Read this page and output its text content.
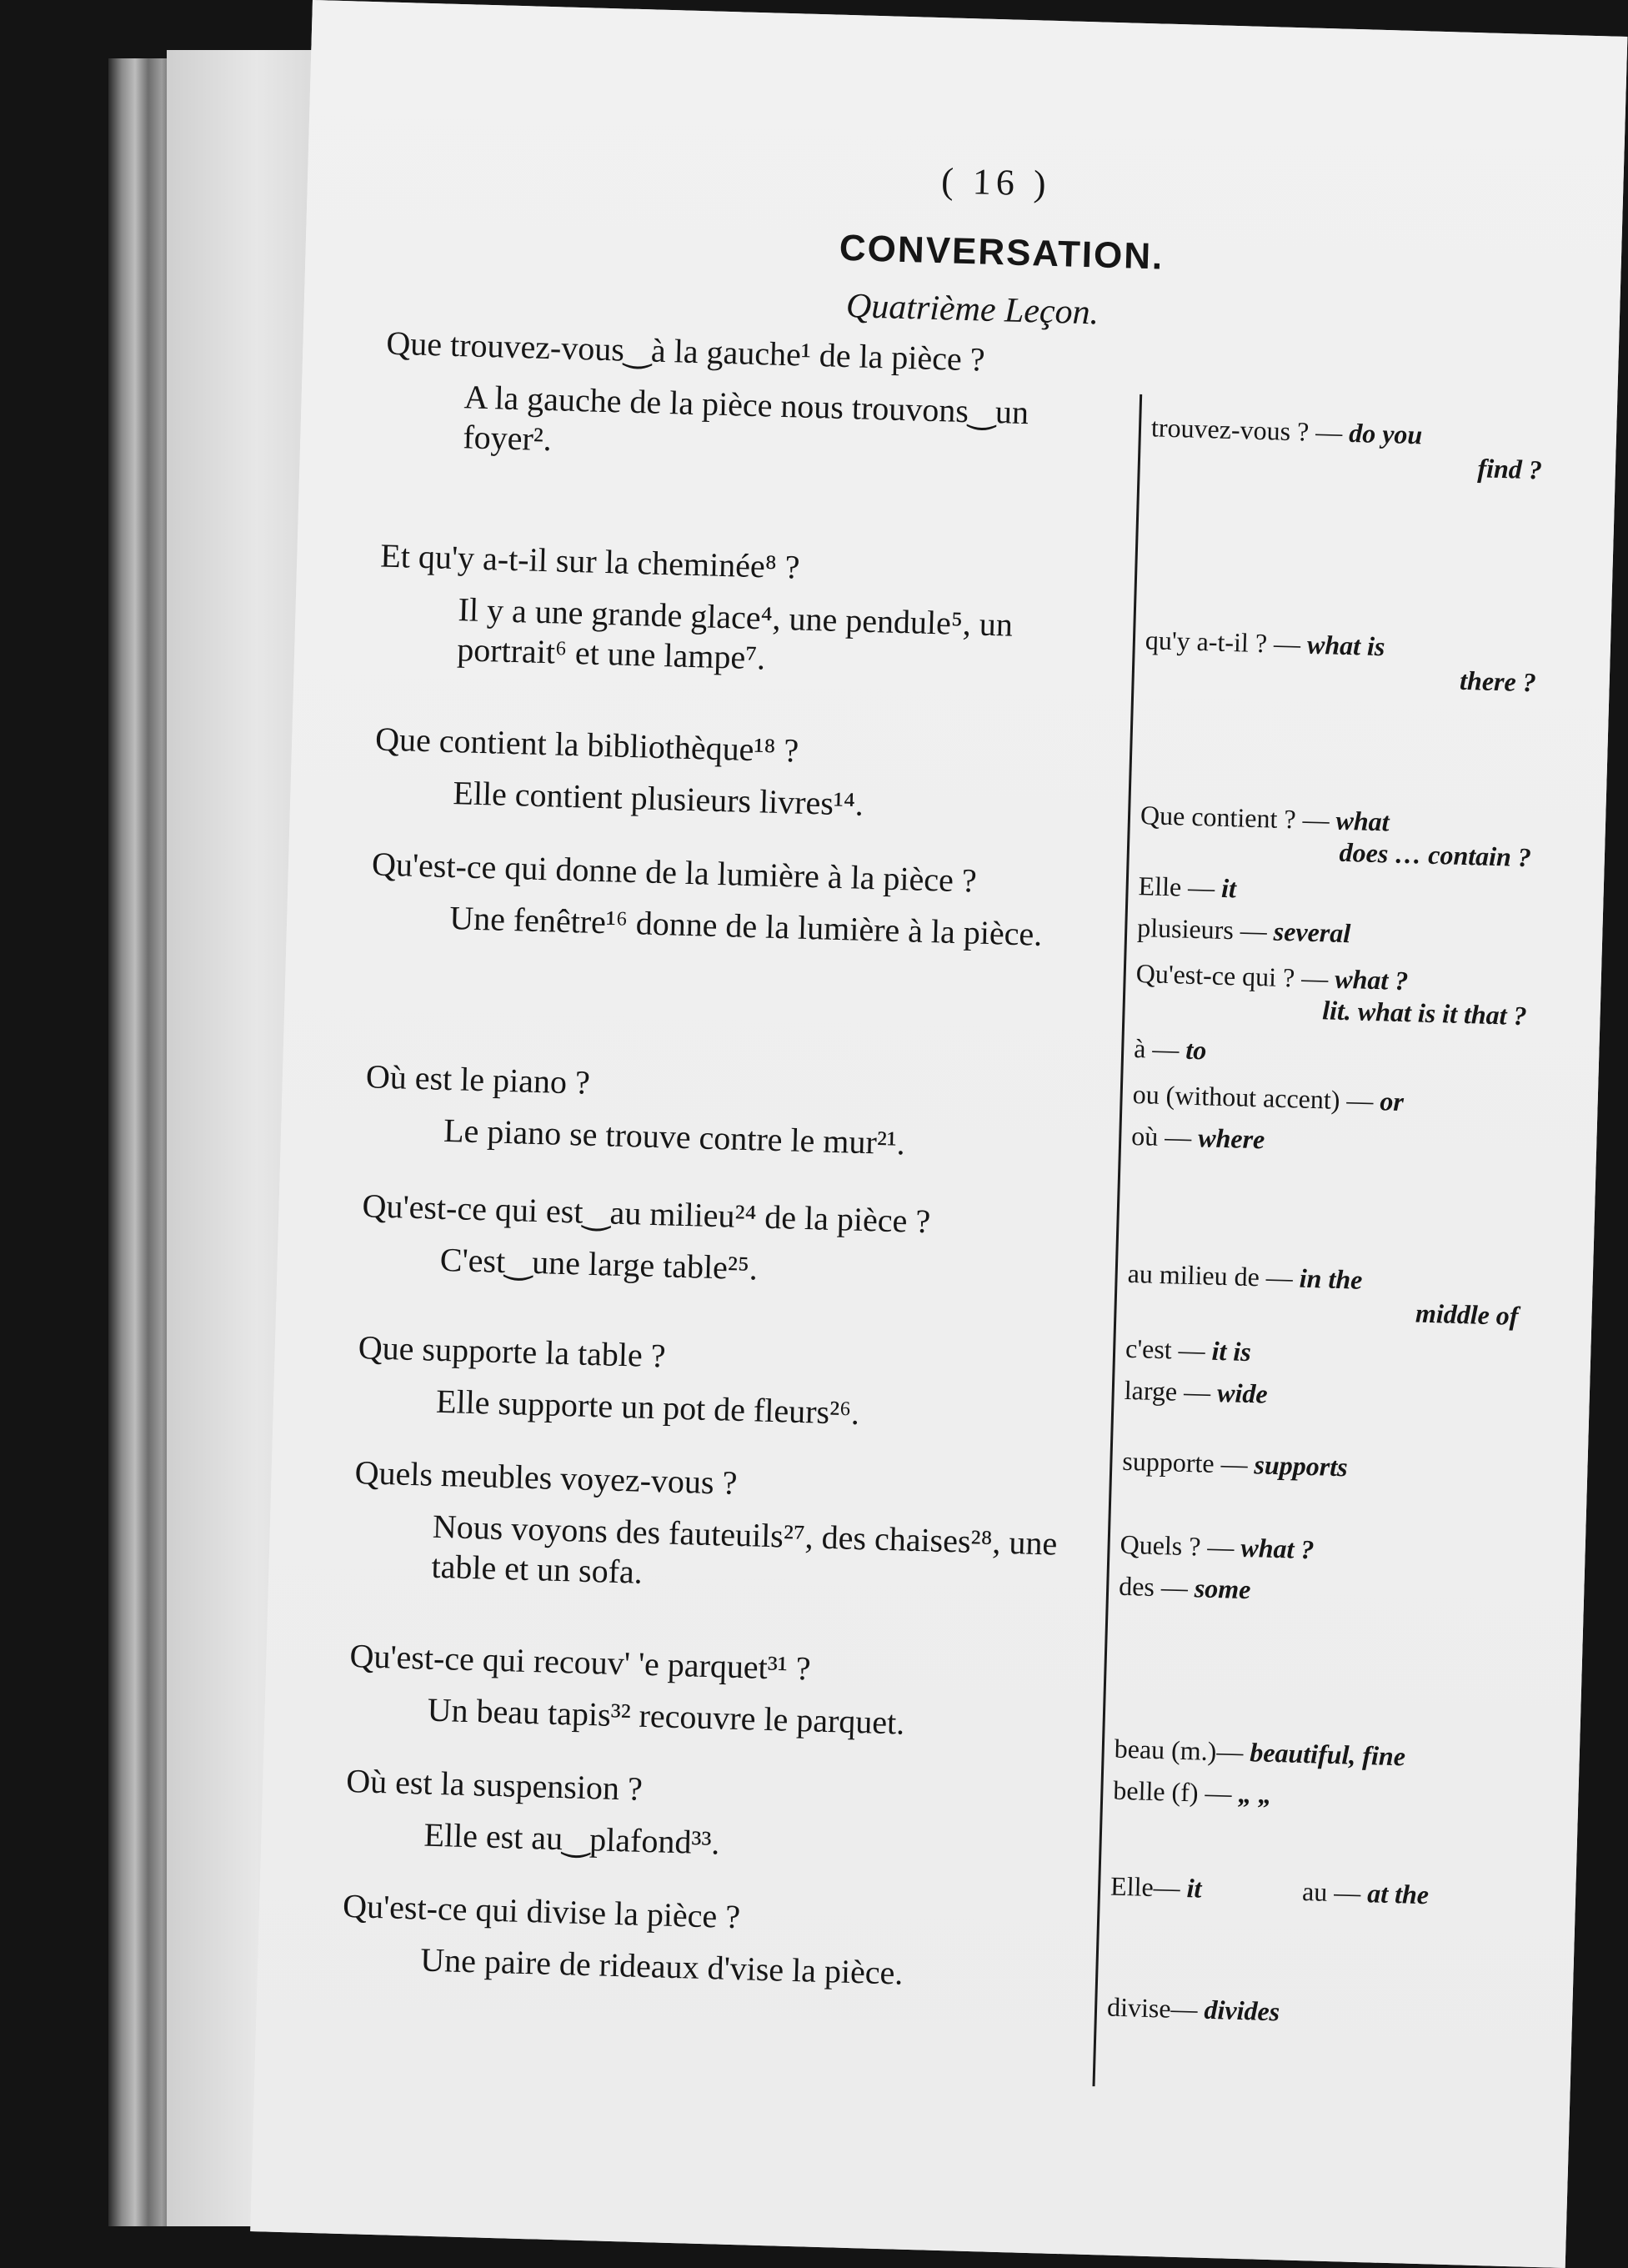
( 16 )
CONVERSATION.
Quatrième Leçon.
Que trouvez-vous‿à la gauche¹ de la pièce ?
A la gauche de la pièce nous trouvons‿un foyer².
Et qu'y a-t-il sur la cheminée⁸ ?
Il y a une grande glace⁴, une pendule⁵, un portrait⁶ et une lampe⁷.
Que contient la bibliothèque¹⁸ ?
Elle contient plusieurs livres¹⁴.
Qu'est-ce qui donne de la lumière à la pièce ?
Une fenêtre¹⁶ donne de la lumière à la pièce.
Où est le piano ?
Le piano se trouve contre le mur²¹.
Qu'est-ce qui est‿au milieu²⁴ de la pièce ?
C'est‿une large table²⁵.
Que supporte la table ?
Elle supporte un pot de fleurs²⁶.
Quels meubles voyez-vous ?
Nous voyons des fauteuils²⁷, des chaises²⁸, une table et un sofa.
Qu'est-ce qui recouv' 'e parquet³¹ ?
Un beau tapis³² recouvre le parquet.
Où est la suspension ?
Elle est au‿plafond³³.
Qu'est-ce qui divise la pièce ?
Une paire de rideaux d'vise la pièce.
trouvez-vous ? — do you
find ?
qu'y a-t-il ? — what is
there ?
Que contient ? — what
does … contain ?
Elle — it
plusieurs — several
Qu'est-ce qui ? — what ?
lit. what is it that ?
à — to
ou (without accent) — or
où — where
au milieu de — in the
middle of
c'est — it is
large — wide
supporte — supports
Quels ? — what ?
des — some
beau (m.)— beautiful, fine
belle (f) — „ „
Elle— it	au — at the
divise— divides
